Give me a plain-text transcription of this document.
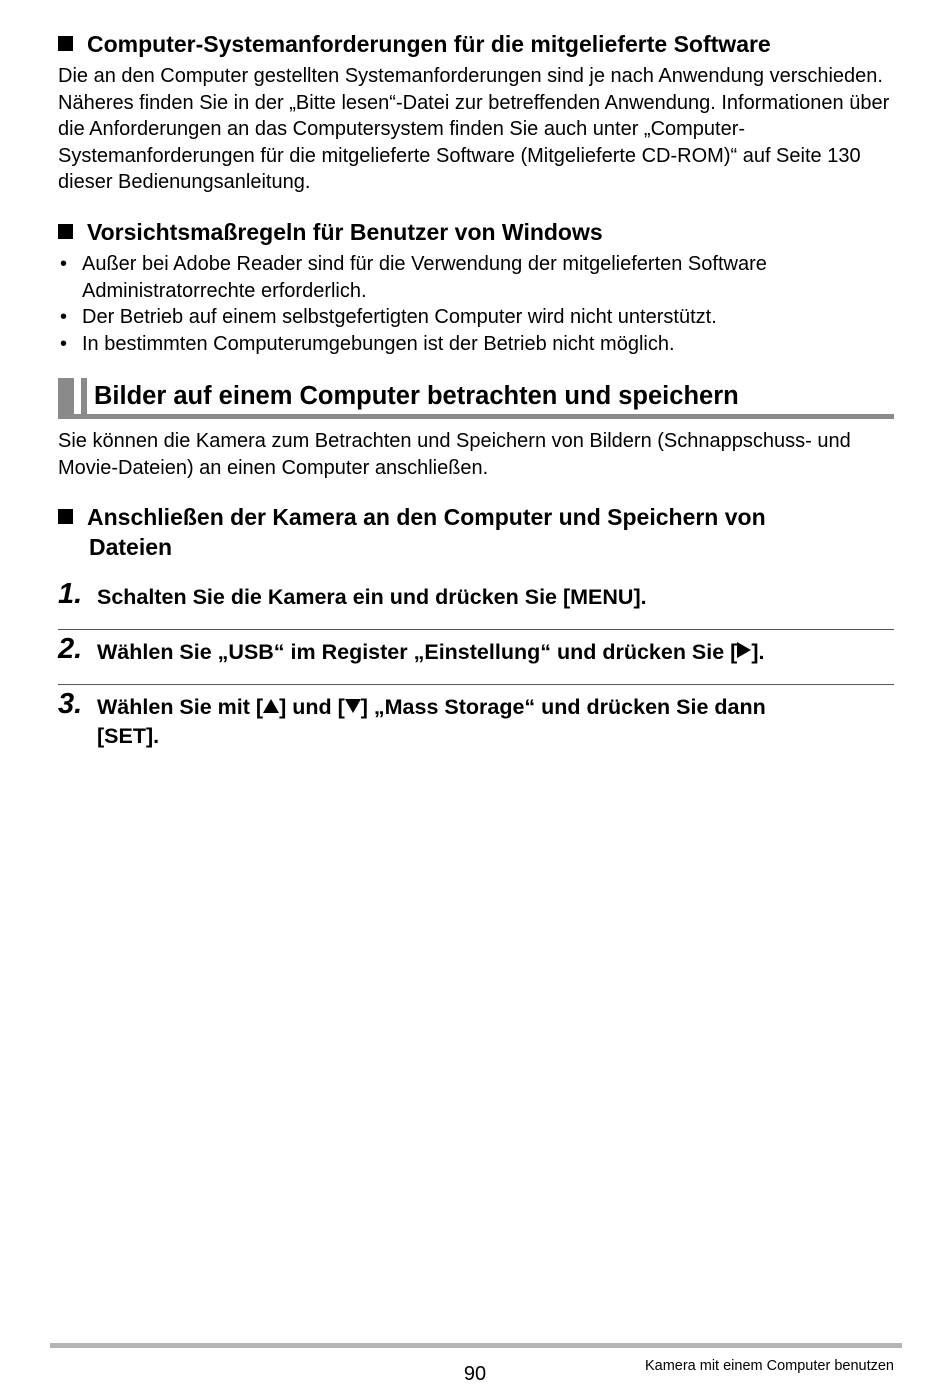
Computer-Systemanforderungen für die mitgelieferte Software
Die an den Computer gestellten Systemanforderungen sind je nach Anwendung verschieden. Näheres finden Sie in der „Bitte lesen“-Datei zur betreffenden Anwendung. Informationen über die Anforderungen an das Computersystem finden Sie auch unter „Computer-Systemanforderungen für die mitgelieferte Software (Mitgelieferte CD-ROM)“ auf Seite 130 dieser Bedienungsanleitung.
Vorsichtsmaßregeln für Benutzer von Windows
• Außer bei Adobe Reader sind für die Verwendung der mitgelieferten Software Administratorrechte erforderlich.
• Der Betrieb auf einem selbstgefertigten Computer wird nicht unterstützt.
• In bestimmten Computerumgebungen ist der Betrieb nicht möglich.
Bilder auf einem Computer betrachten und speichern
Sie können die Kamera zum Betrachten und Speichern von Bildern (Schnappschuss- und Movie-Dateien) an einen Computer anschließen.
Anschließen der Kamera an den Computer und Speichern von
Dateien
1. Schalten Sie die Kamera ein und drücken Sie [MENU].
2. Wählen Sie „USB“ im Register „Einstellung“ und drücken Sie [ ].
3. Wählen Sie mit [ ] und [ ] „Mass Storage“ und drücken Sie dann
[SET].
90	Kamera mit einem Computer benutzen
